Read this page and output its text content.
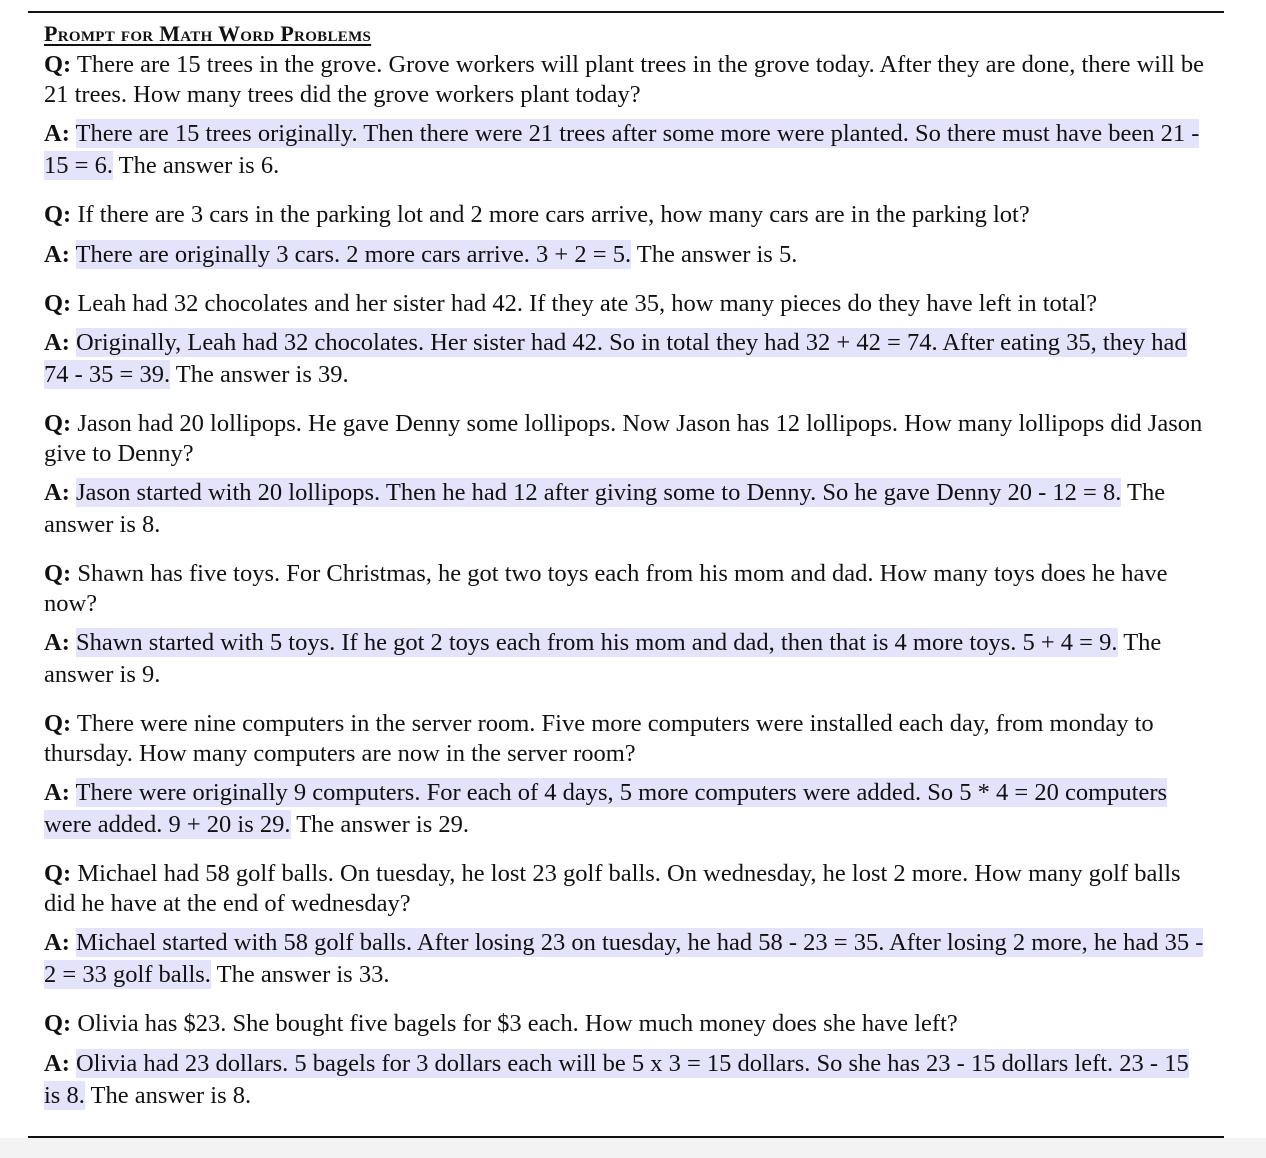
Prompt for Math Word Problems

Q: There are 15 trees in the grove. Grove workers will plant trees in the grove today. After they are done, there will be 21 trees. How many trees did the grove workers plant today?

A: There are 15 trees originally. Then there were 21 trees after some more were planted. So there must have been 21 - 15 = 6. The answer is 6.

Q: If there are 3 cars in the parking lot and 2 more cars arrive, how many cars are in the parking lot?

A: There are originally 3 cars. 2 more cars arrive. 3 + 2 = 5. The answer is 5.

Q: Leah had 32 chocolates and her sister had 42. If they ate 35, how many pieces do they have left in total?

A: Originally, Leah had 32 chocolates. Her sister had 42. So in total they had 32 + 42 = 74. After eating 35, they had 74 - 35 = 39. The answer is 39.

Q: Jason had 20 lollipops. He gave Denny some lollipops. Now Jason has 12 lollipops. How many lollipops did Jason give to Denny?

A: Jason started with 20 lollipops. Then he had 12 after giving some to Denny. So he gave Denny 20 - 12 = 8. The answer is 8.

Q: Shawn has five toys. For Christmas, he got two toys each from his mom and dad. How many toys does he have now?

A: Shawn started with 5 toys. If he got 2 toys each from his mom and dad, then that is 4 more toys. 5 + 4 = 9. The answer is 9.

Q: There were nine computers in the server room. Five more computers were installed each day, from monday to thursday. How many computers are now in the server room?

A: There were originally 9 computers. For each of 4 days, 5 more computers were added. So 5 * 4 = 20 computers were added. 9 + 20 is 29. The answer is 29.

Q: Michael had 58 golf balls. On tuesday, he lost 23 golf balls. On wednesday, he lost 2 more. How many golf balls did he have at the end of wednesday?

A: Michael started with 58 golf balls. After losing 23 on tuesday, he had 58 - 23 = 35. After losing 2 more, he had 35 - 2 = 33 golf balls. The answer is 33.

Q: Olivia has $23. She bought five bagels for $3 each. How much money does she have left?

A: Olivia had 23 dollars. 5 bagels for 3 dollars each will be 5 x 3 = 15 dollars. So she has 23 - 15 dollars left. 23 - 15 is 8. The answer is 8.
